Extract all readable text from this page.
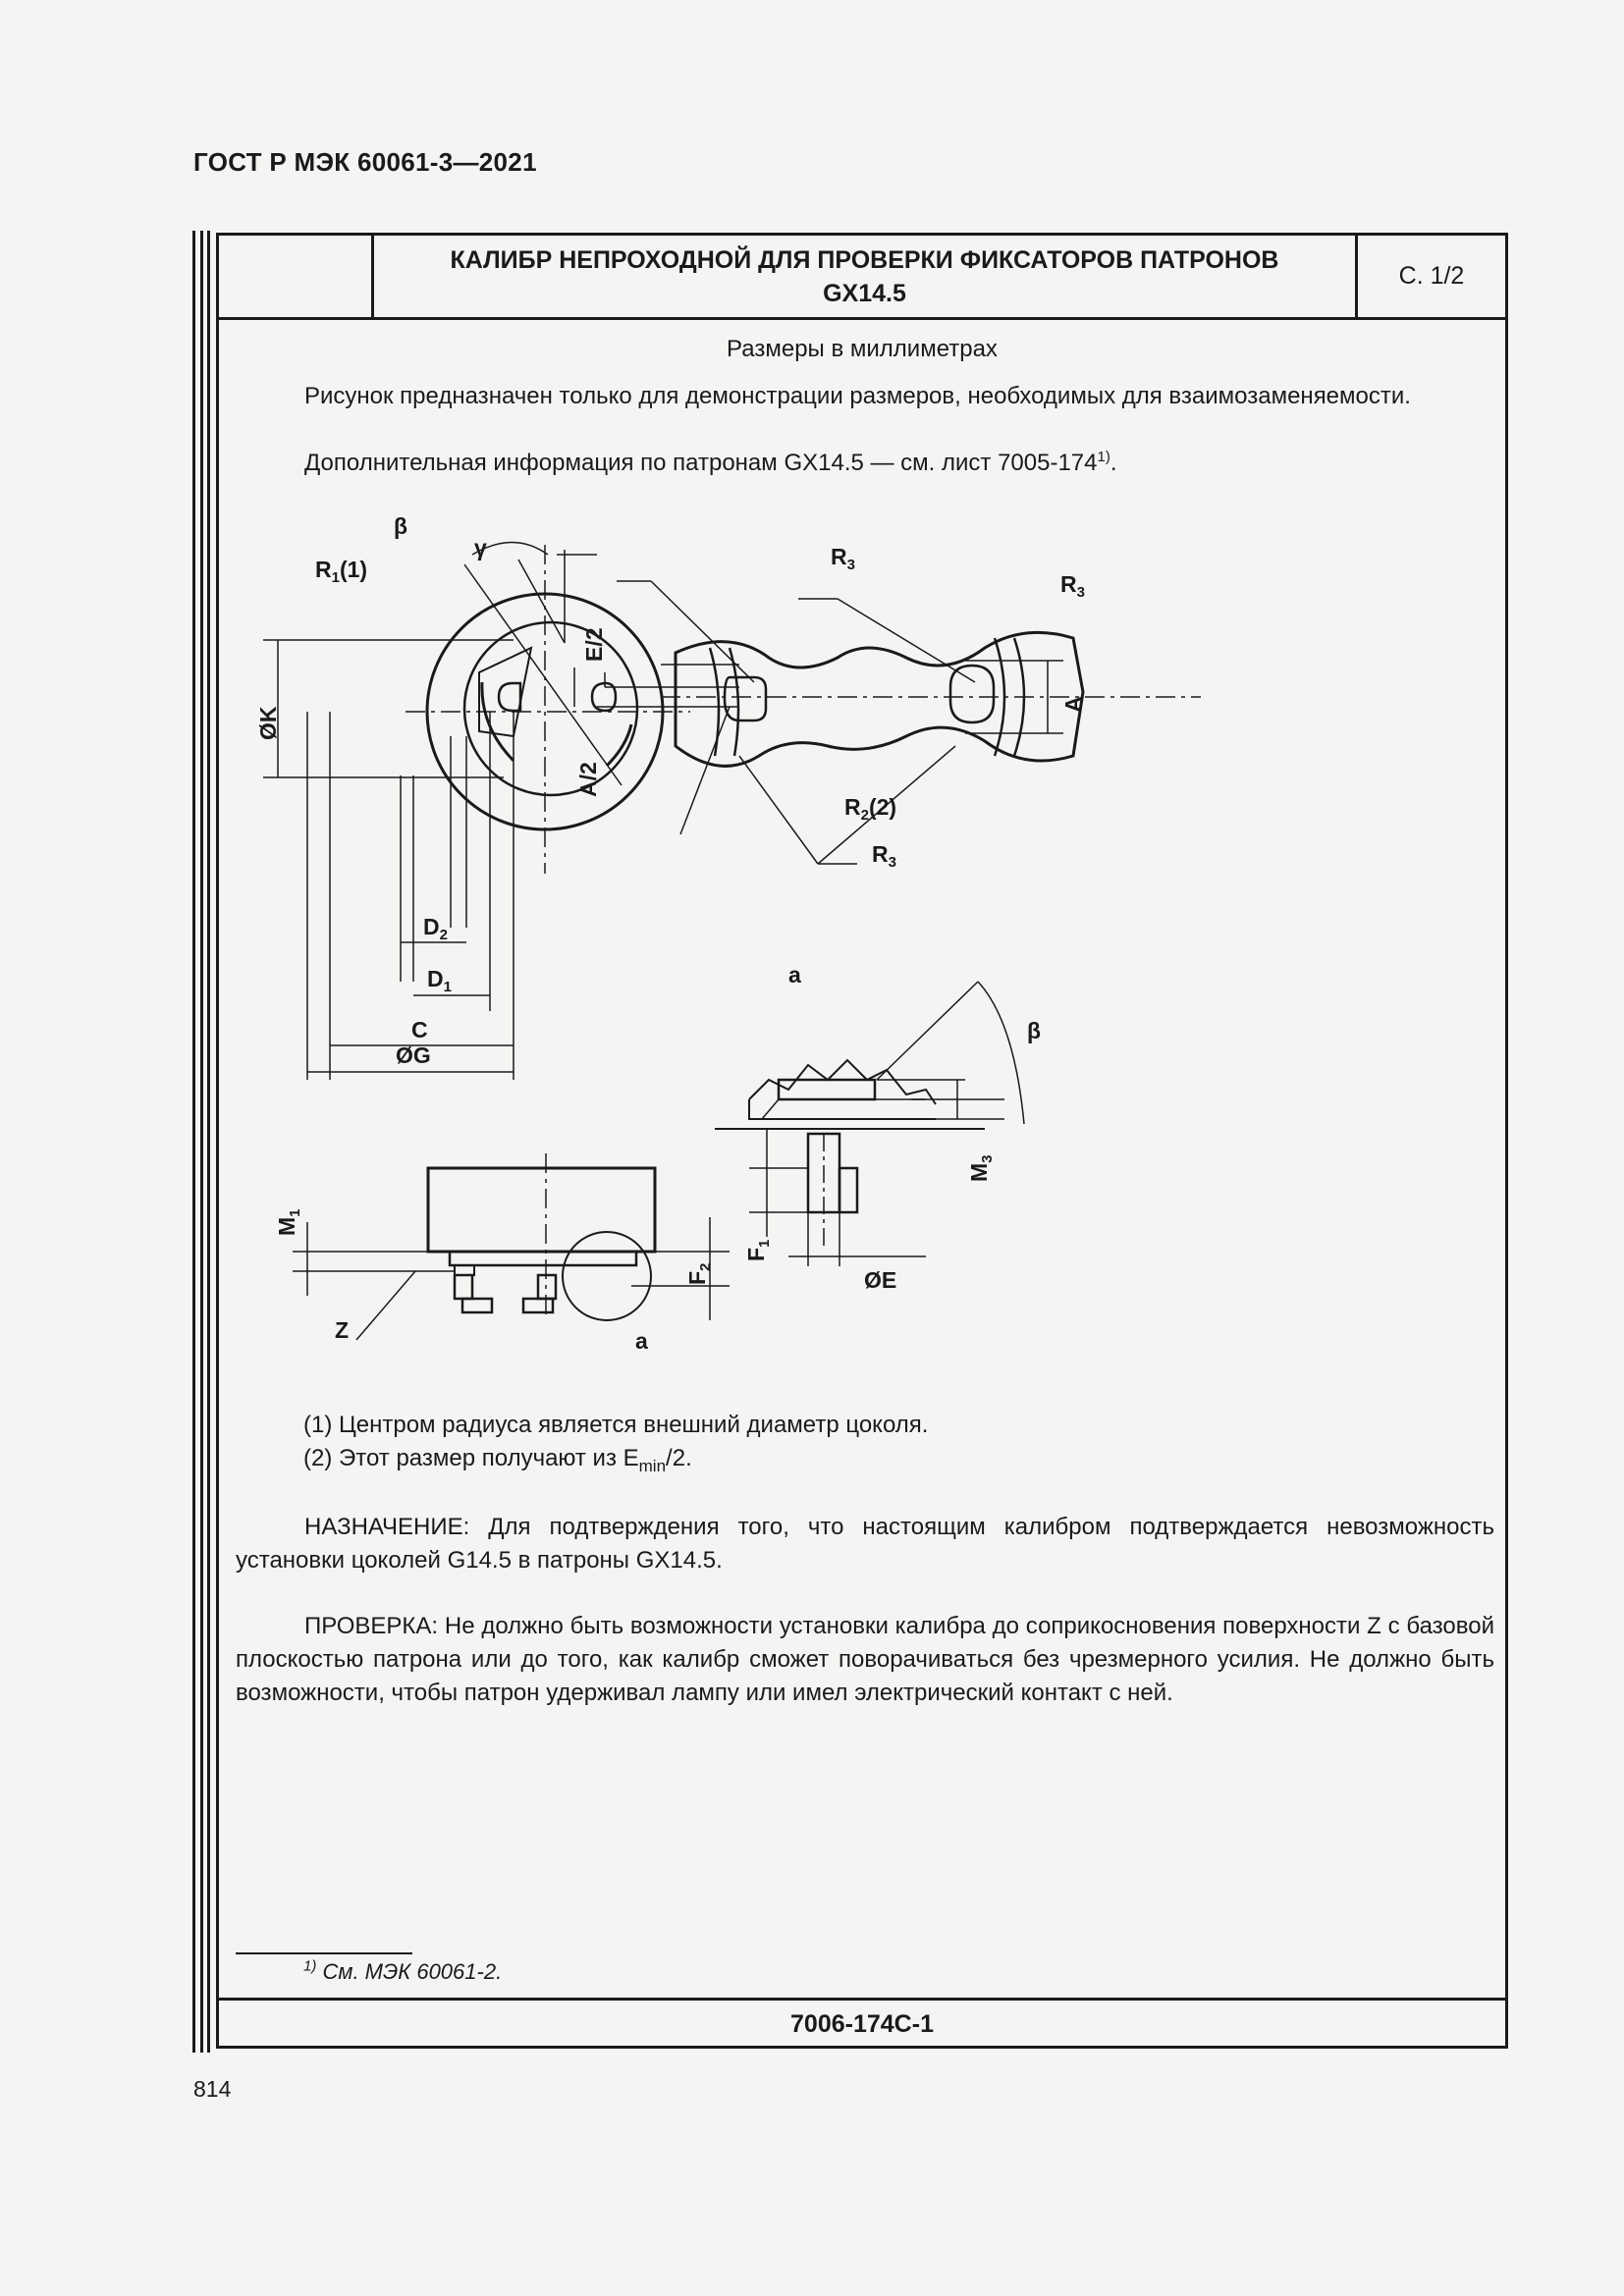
ГОСТ Р МЭК 60061-3—2021
КАЛИБР НЕПРОХОДНОЙ ДЛЯ ПРОВЕРКИ ФИКСАТОРОВ ПАТРОНОВ
GX14.5
С. 1/2
Размеры в миллиметрах
Рисунок предназначен только для демонстрации размеров, необходимых для взаимозаменяемости.
Дополнительная информация по патронам GX14.5 — см. лист 7005-174$^{1)}$.
$R_1(1)$
β
γ
ØK
$D_2$
$D_1$
C
ØG
$R_3$
$R_3$
E/2
A/2
A
$R_2(2)$
$R_3$
a
β
$M_3$
$F_1$
ØE
$M_1$
$F_2$
Z	a
(1) Центром радиуса является внешний диаметр цоколя.
(2) Этот размер получают из $E_{min}/2$.
НАЗНАЧЕНИЕ: Для подтверждения того, что настоящим калибром подтверждается невозможность установки цоколей G14.5 в патроны GX14.5.
ПРОВЕРКА: Не должно быть возможности установки калибра до соприкосновения поверхности Z с базовой плоскостью патрона или до того, как калибр сможет поворачиваться без чрезмерного усилия. Не должно быть возможности, чтобы патрон удерживал лампу или имел электрический контакт с ней.
$^{1)}$ См. МЭК 60061-2.
7006-174С-1
814
